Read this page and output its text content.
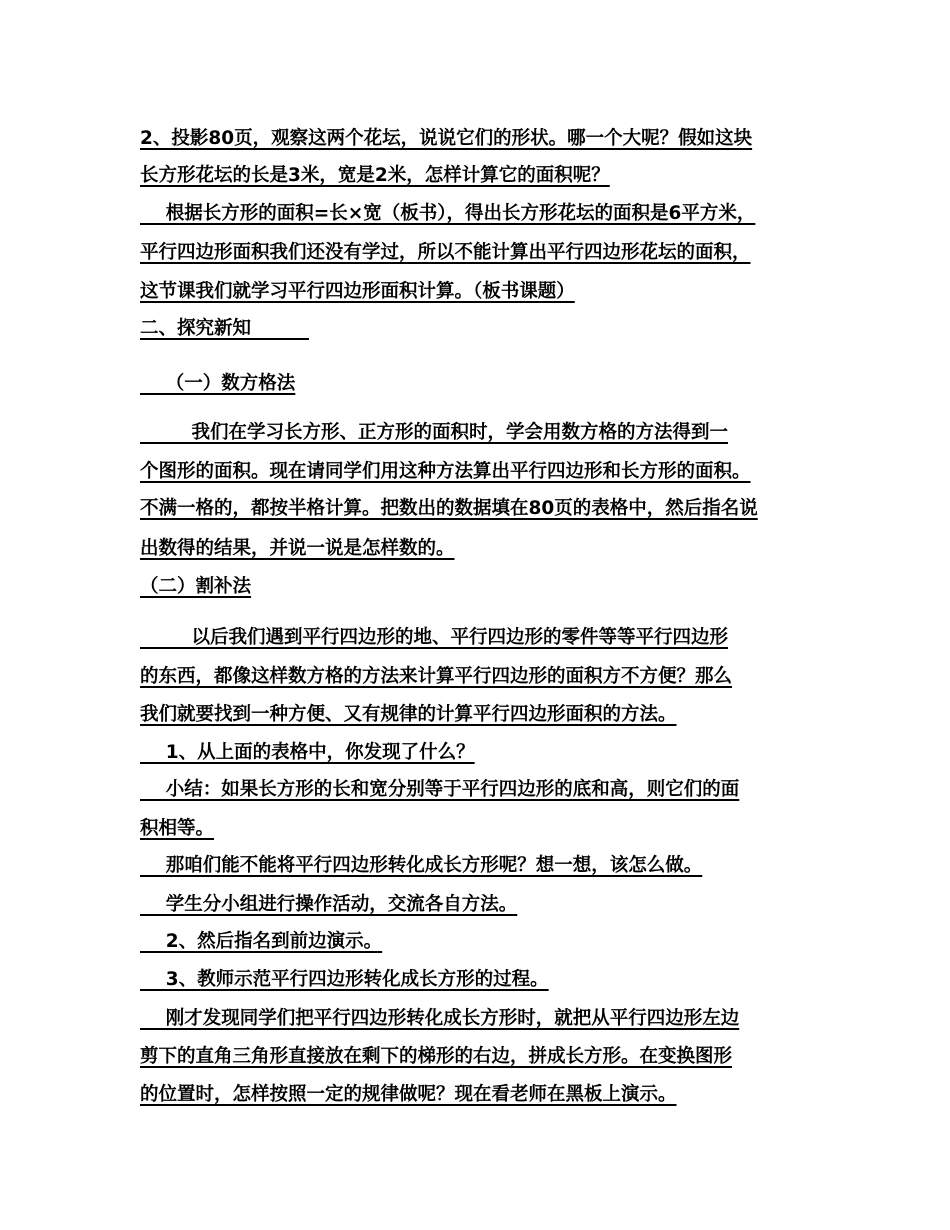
2、投影80页，观察这两个花坛，说说它们的形状。哪一个大呢？假如这块
长方形花坛的长是3米，宽是2米，怎样计算它的面积呢？
根据长方形的面积=长×宽（板书），得出长方形花坛的面积是6平方米，
平行四边形面积我们还没有学过，所以不能计算出平行四边形花坛的面积，
这节课我们就学习平行四边形面积计算。（板书课题）
二、探究新知
（一）数方格法
我们在学习长方形、正方形的面积时，学会用数方格的方法得到一
个图形的面积。现在请同学们用这种方法算出平行四边形和长方形的面积。
不满一格的，都按半格计算。把数出的数据填在80页的表格中，然后指名说
出数得的结果，并说一说是怎样数的。
（二）割补法
以后我们遇到平行四边形的地、平行四边形的零件等等平行四边形
的东西，都像这样数方格的方法来计算平行四边形的面积方不方便？那么
我们就要找到一种方便、又有规律的计算平行四边形面积的方法。
1、从上面的表格中，你发现了什么？
小结：如果长方形的长和宽分别等于平行四边形的底和高，则它们的面
积相等。
那咱们能不能将平行四边形转化成长方形呢？想一想，该怎么做。
学生分小组进行操作活动，交流各自方法。
2、然后指名到前边演示。
3、教师示范平行四边形转化成长方形的过程。
刚才发现同学们把平行四边形转化成长方形时，就把从平行四边形左边
剪下的直角三角形直接放在剩下的梯形的右边，拼成长方形。在变换图形
的位置时，怎样按照一定的规律做呢？现在看老师在黑板上演示。
